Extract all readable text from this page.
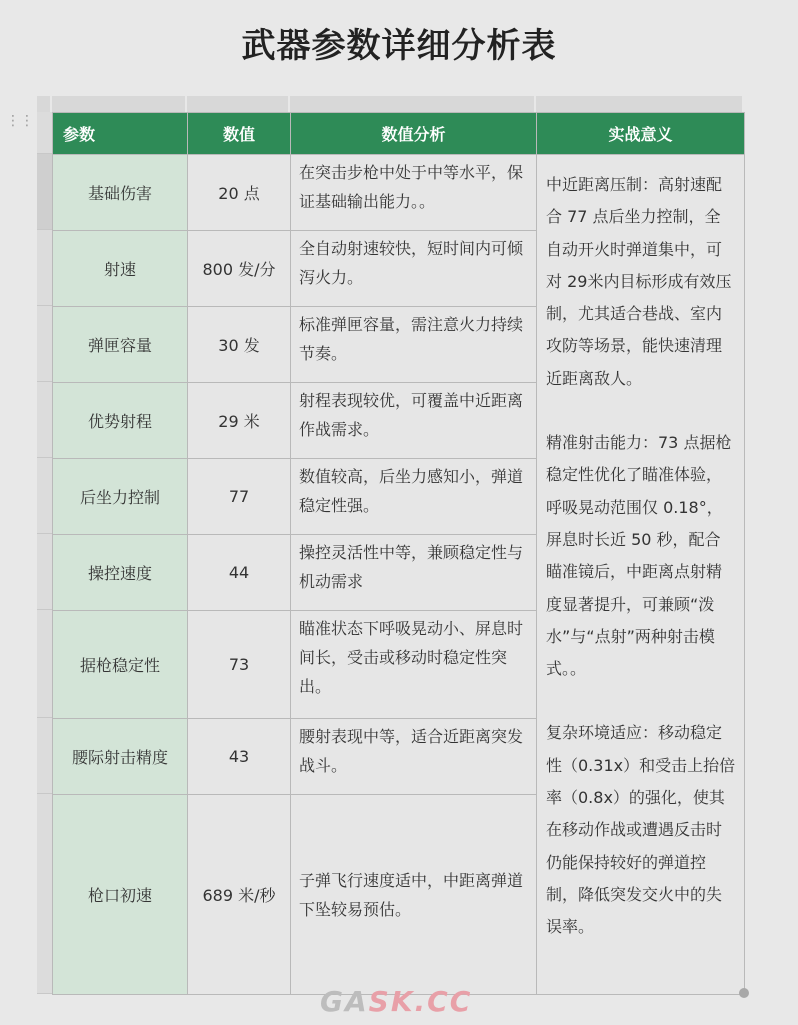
武器参数详细分析表
⋮⋮
参数	数值	数值分析	实战意义
基础伤害	20 点	在突击步枪中处于中等水平，保证基础输出能力。。	中近距离压制：高射速配合 77 点后坐力控制，全自动开火时弹道集中，可对 29米内目标形成有效压制，尤其适合巷战、室内攻防等场景，能快速清理近距离敌人。

精准射击能力：73 点据枪稳定性优化了瞄准体验，呼吸晃动范围仅 0.18°，屏息时长近 50 秒，配合瞄准镜后，中距离点射精度显著提升，可兼顾“泼水”与“点射”两种射击模式。。

复杂环境适应：移动稳定性（0.31x）和受击上抬倍率（0.8x）的强化，使其在移动作战或遭遇反击时仍能保持较好的弹道控制，降低突发交火中的失误率。

射速	800 发/分	全自动射速较快，短时间内可倾泻火力。	
弹匣容量	30 发	标准弹匣容量，需注意火力持续节奏。	
优势射程	29 米	射程表现较优，可覆盖中近距离作战需求。	
后坐力控制	77	数值较高，后坐力感知小，弹道稳定性强。	
操控速度	44	操控灵活性中等，兼顾稳定性与机动需求	
据枪稳定性	73	瞄准状态下呼吸晃动小、屏息时间长，受击或移动时稳定性突出。	
腰际射击精度	43	腰射表现中等，适合近距离突发战斗。	
枪口初速	689 米/秒	子弹飞行速度适中，中距离弹道下坠较易预估。	
GASK.CC
